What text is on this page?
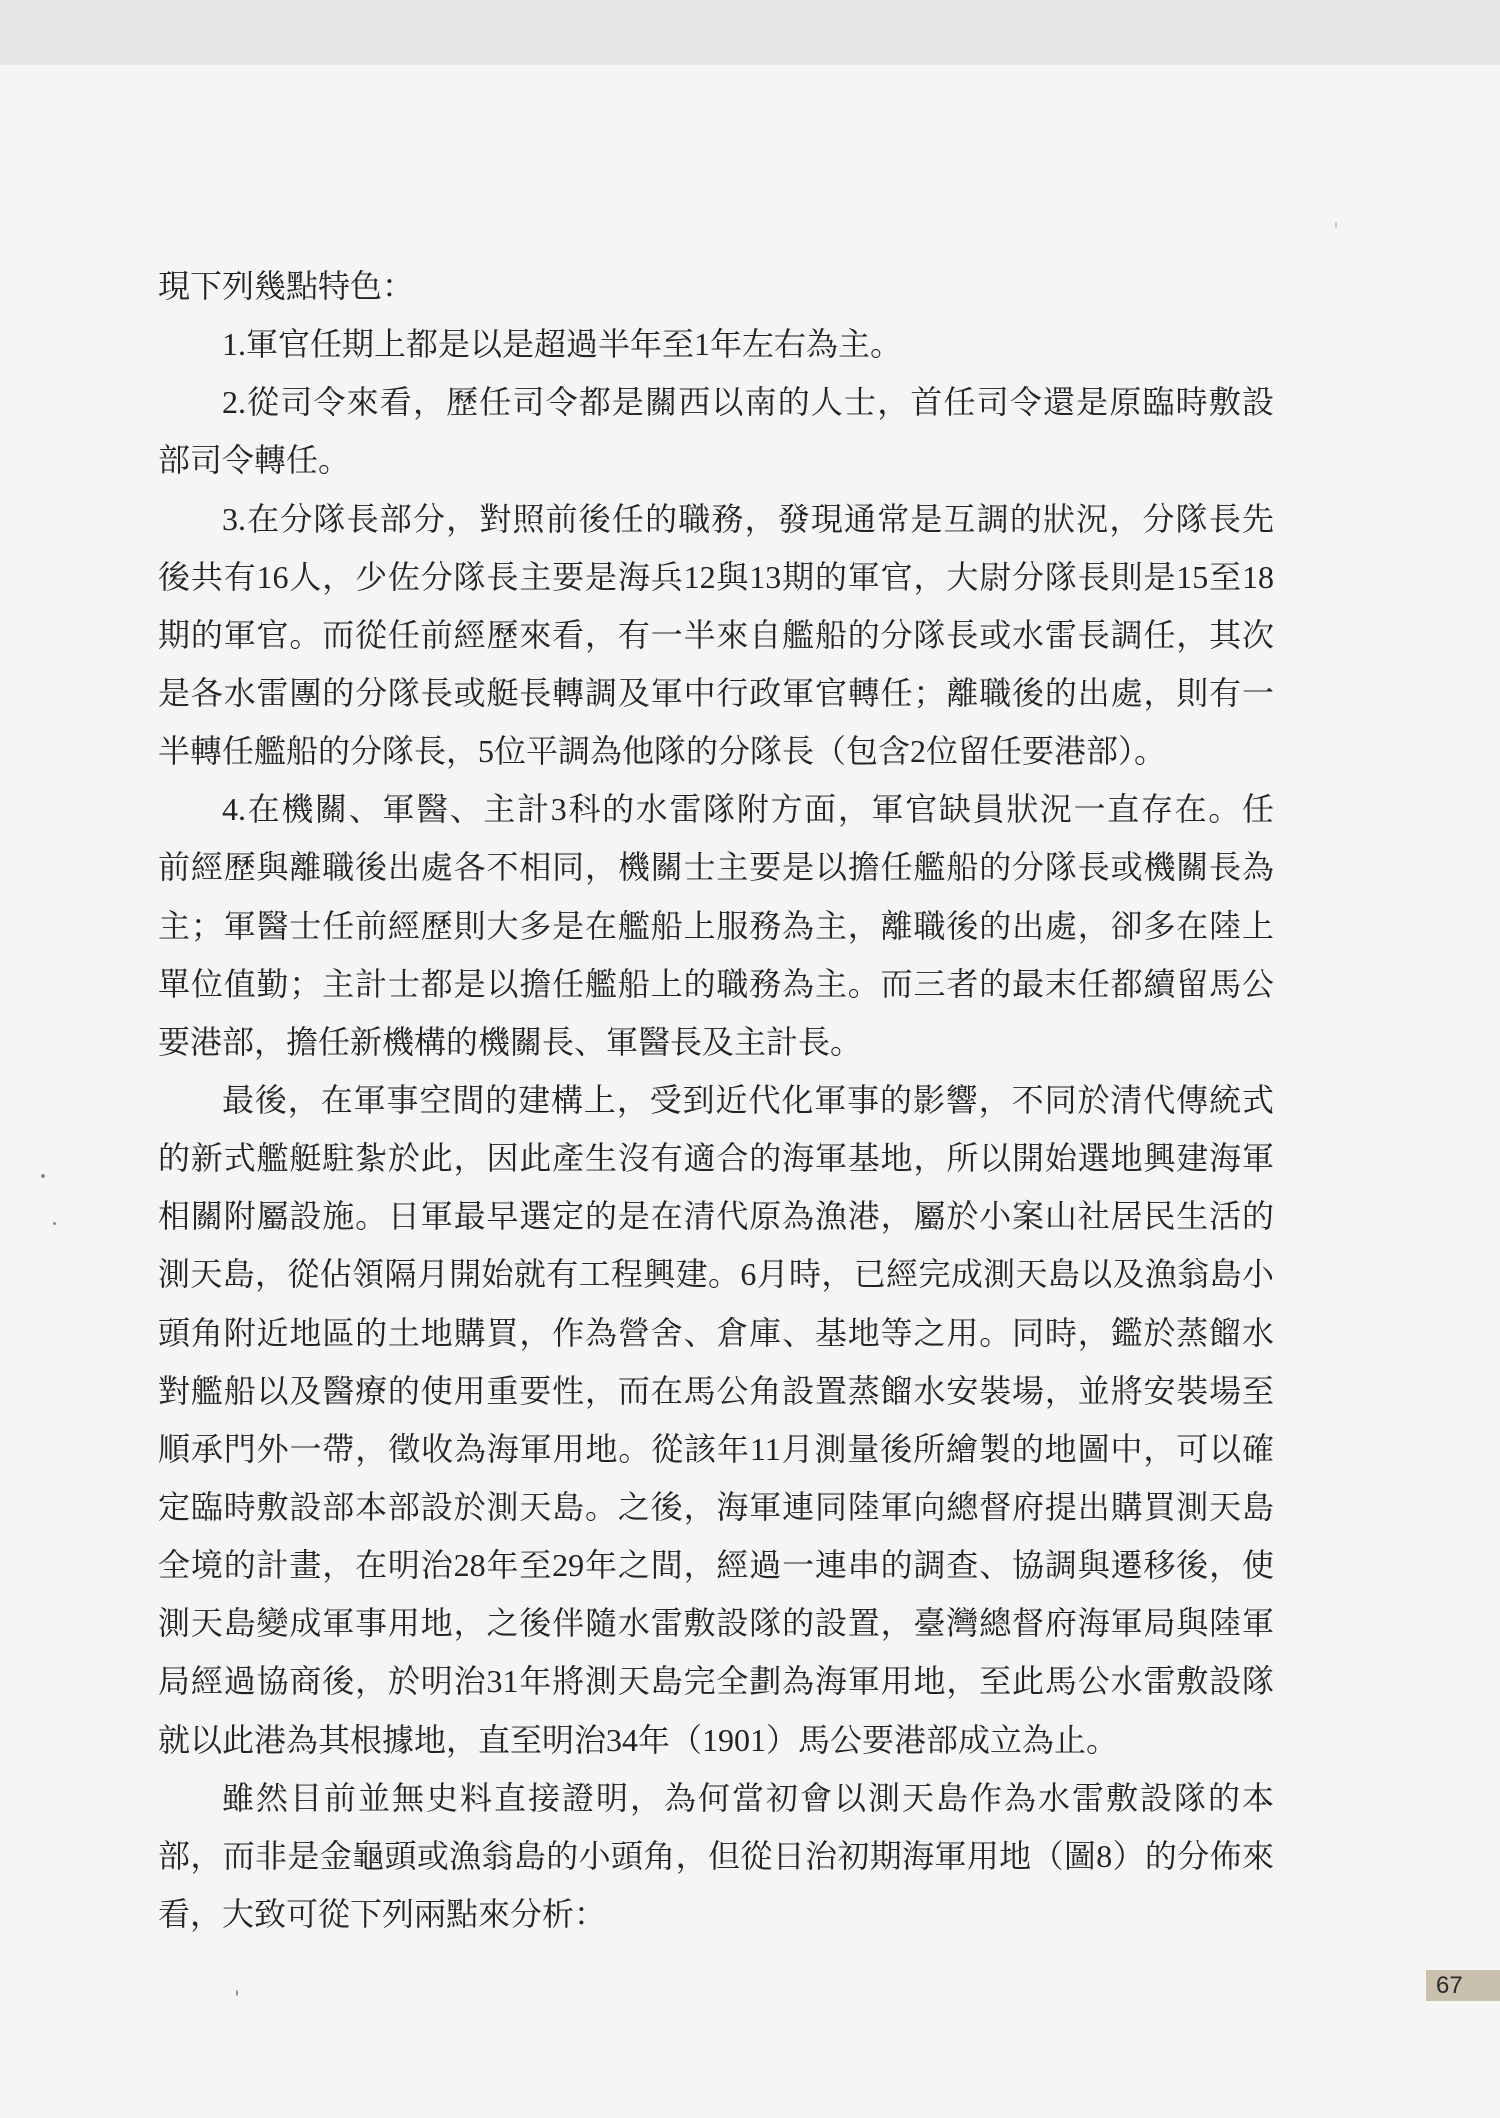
現下列幾點特色：
1.軍官任期上都是以是超過半年至1年左右為主。
2.從司令來看，歷任司令都是關西以南的人士，首任司令還是原臨時敷設
部司令轉任。
3.在分隊長部分，對照前後任的職務，發現通常是互調的狀況，分隊長先
後共有16人，少佐分隊長主要是海兵12與13期的軍官，大尉分隊長則是15至18
期的軍官。而從任前經歷來看，有一半來自艦船的分隊長或水雷長調任，其次
是各水雷團的分隊長或艇長轉調及軍中行政軍官轉任；離職後的出處，則有一
半轉任艦船的分隊長，5位平調為他隊的分隊長（包含2位留任要港部）。
4.在機關、軍醫、主計3科的水雷隊附方面，軍官缺員狀況一直存在。任
前經歷與離職後出處各不相同，機關士主要是以擔任艦船的分隊長或機關長為
主；軍醫士任前經歷則大多是在艦船上服務為主，離職後的出處，卻多在陸上
單位值勤；主計士都是以擔任艦船上的職務為主。而三者的最末任都續留馬公
要港部，擔任新機構的機關長、軍醫長及主計長。
最後，在軍事空間的建構上，受到近代化軍事的影響，不同於清代傳統式
的新式艦艇駐紮於此，因此產生沒有適合的海軍基地，所以開始選地興建海軍
相關附屬設施。日軍最早選定的是在清代原為漁港，屬於小案山社居民生活的
測天島，從佔領隔月開始就有工程興建。6月時，已經完成測天島以及漁翁島小
頭角附近地區的土地購買，作為營舍、倉庫、基地等之用。同時，鑑於蒸餾水
對艦船以及醫療的使用重要性，而在馬公角設置蒸餾水安裝場，並將安裝場至
順承門外一帶，徵收為海軍用地。從該年11月測量後所繪製的地圖中，可以確
定臨時敷設部本部設於測天島。之後，海軍連同陸軍向總督府提出購買測天島
全境的計畫，在明治28年至29年之間，經過一連串的調查、協調與遷移後，使
測天島變成軍事用地，之後伴隨水雷敷設隊的設置，臺灣總督府海軍局與陸軍
局經過協商後，於明治31年將測天島完全劃為海軍用地，至此馬公水雷敷設隊
就以此港為其根據地，直至明治34年（1901）馬公要港部成立為止。
雖然目前並無史料直接證明，為何當初會以測天島作為水雷敷設隊的本
部，而非是金龜頭或漁翁島的小頭角，但從日治初期海軍用地（圖8）的分佈來
看，大致可從下列兩點來分析：
67
